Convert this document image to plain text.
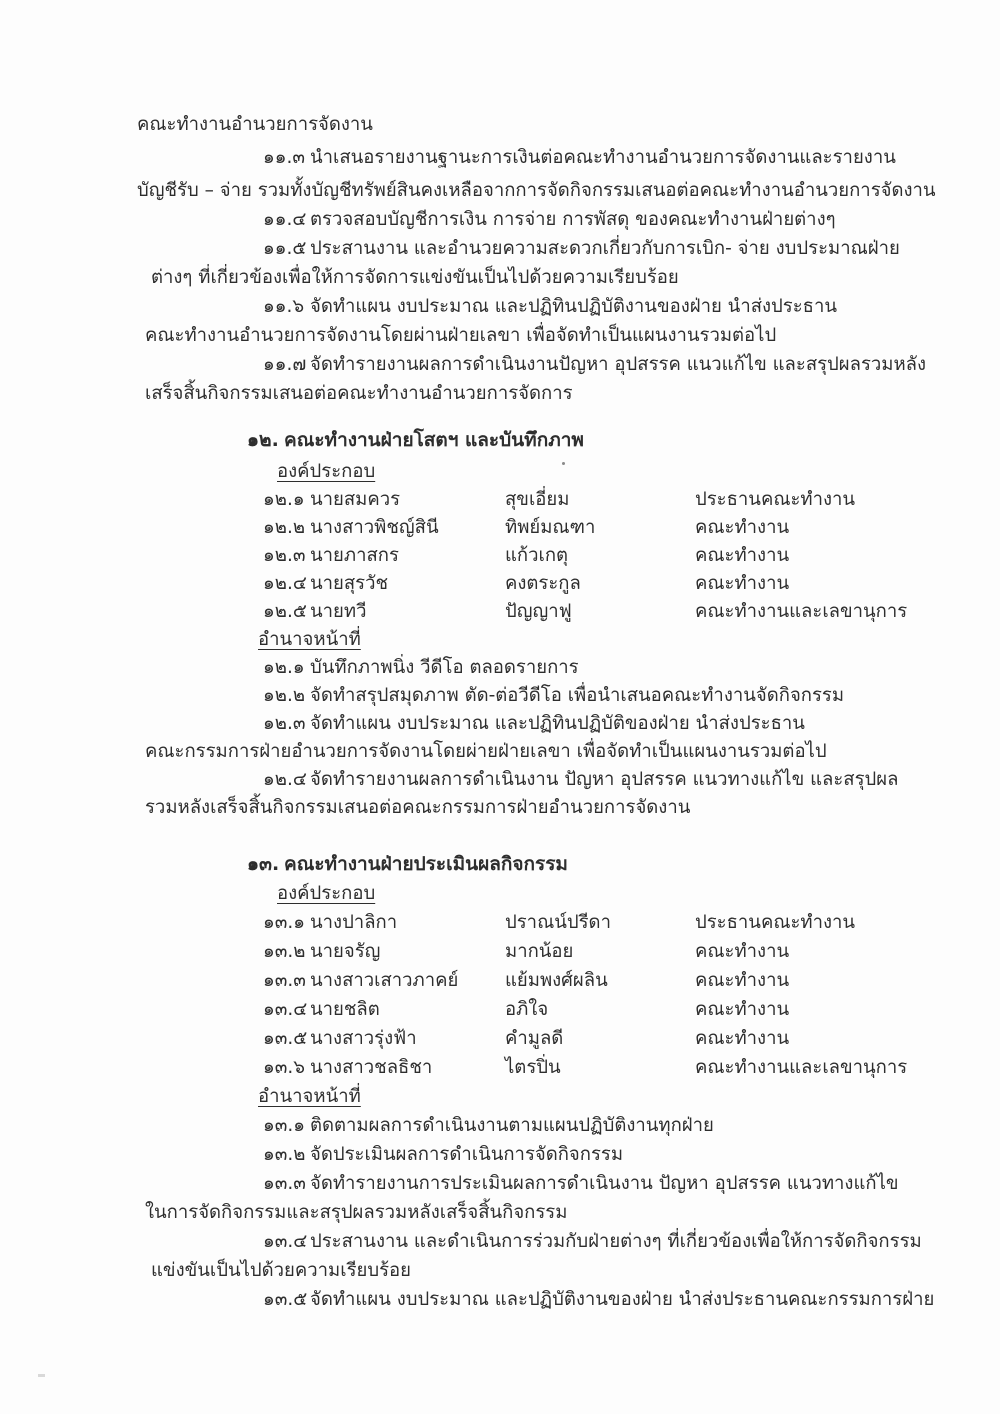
คณะทำงานอำนวยการจัดงาน
๑๑.๓ นำเสนอรายงานฐานะการเงินต่อคณะทำงานอำนวยการจัดงานและรายงาน
บัญชีรับ – จ่าย รวมทั้งบัญชีทรัพย์สินคงเหลือจากการจัดกิจกรรมเสนอต่อคณะทำงานอำนวยการจัดงาน
๑๑.๔ ตรวจสอบบัญชีการเงิน การจ่าย การพัสดุ ของคณะทำงานฝ่ายต่างๆ
๑๑.๕ ประสานงาน และอำนวยความสะดวกเกี่ยวกับการเบิก- จ่าย งบประมาณฝ่าย
ต่างๆ ที่เกี่ยวข้องเพื่อให้การจัดการแข่งขันเป็นไปด้วยความเรียบร้อย
๑๑.๖ จัดทำแผน งบประมาณ และปฏิทินปฏิบัติงานของฝ่าย นำส่งประธาน
คณะทำงานอำนวยการจัดงานโดยผ่านฝ่ายเลขา เพื่อจัดทำเป็นแผนงานรวมต่อไป
๑๑.๗ จัดทำรายงานผลการดำเนินงานปัญหา อุปสรรค แนวแก้ไข และสรุปผลรวมหลัง
เสร็จสิ้นกิจกรรมเสนอต่อคณะทำงานอำนวยการจัดการ
๑๒. คณะทำงานฝ่ายโสตฯ และบันทึกภาพ
องค์ประกอบ
๑๒.๑ นายสมควร	สุขเอี่ยม	ประธานคณะทำงาน
๑๒.๒ นางสาวพิชญ์สินี	ทิพย์มณฑา	คณะทำงาน
๑๒.๓ นายภาสกร	แก้วเกตุ	คณะทำงาน
๑๒.๔ นายสุรวัช	คงตระกูล	คณะทำงาน
๑๒.๕ นายทวี	ปัญญาฟู	คณะทำงานและเลขานุการ
อำนาจหน้าที่
๑๒.๑ บันทึกภาพนิ่ง วีดีโอ ตลอดรายการ
๑๒.๒ จัดทำสรุปสมุดภาพ ตัด-ต่อวีดีโอ เพื่อนำเสนอคณะทำงานจัดกิจกรรม
๑๒.๓ จัดทำแผน งบประมาณ และปฏิทินปฏิบัติของฝ่าย นำส่งประธาน
คณะกรรมการฝ่ายอำนวยการจัดงานโดยผ่ายฝ่ายเลขา เพื่อจัดทำเป็นแผนงานรวมต่อไป
๑๒.๔ จัดทำรายงานผลการดำเนินงาน ปัญหา อุปสรรค แนวทางแก้ไข และสรุปผล
รวมหลังเสร็จสิ้นกิจกรรมเสนอต่อคณะกรรมการฝ่ายอำนวยการจัดงาน
๑๓. คณะทำงานฝ่ายประเมินผลกิจกรรม
องค์ประกอบ
๑๓.๑ นางปาลิกา	ปราณน์ปรีดา	ประธานคณะทำงาน
๑๓.๒ นายจรัญ	มากน้อย	คณะทำงาน
๑๓.๓ นางสาวเสาวภาคย์	แย้มพงศ์ผลิน	คณะทำงาน
๑๓.๔ นายชลิต	อภิใจ	คณะทำงาน
๑๓.๕ นางสาวรุ่งฟ้า	คำมูลดี	คณะทำงาน
๑๓.๖ นางสาวชลธิชา	ไตรปิ่น	คณะทำงานและเลขานุการ
อำนาจหน้าที่
๑๓.๑ ติดตามผลการดำเนินงานตามแผนปฏิบัติงานทุกฝ่าย
๑๓.๒ จัดประเมินผลการดำเนินการจัดกิจกรรม
๑๓.๓ จัดทำรายงานการประเมินผลการดำเนินงาน ปัญหา อุปสรรค แนวทางแก้ไข
ในการจัดกิจกรรมและสรุปผลรวมหลังเสร็จสิ้นกิจกรรม
๑๓.๔ ประสานงาน และดำเนินการร่วมกับฝ่ายต่างๆ ที่เกี่ยวข้องเพื่อให้การจัดกิจกรรม
แข่งขันเป็นไปด้วยความเรียบร้อย
๑๓.๕ จัดทำแผน งบประมาณ และปฏิบัติงานของฝ่าย นำส่งประธานคณะกรรมการฝ่าย
